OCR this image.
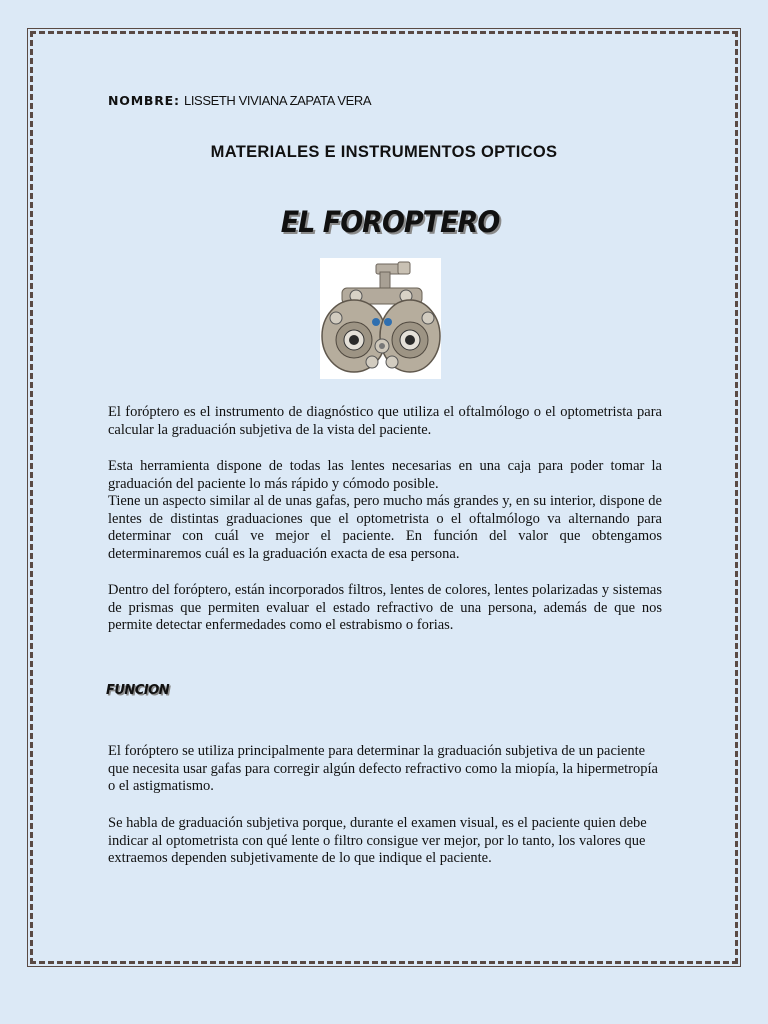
NOMBRE: LISSETH VIVIANA ZAPATA VERA
MATERIALES E INSTRUMENTOS OPTICOS
EL FOROPTERO
El foróptero es el instrumento de diagnóstico que utiliza el oftalmólogo o el optometrista para calcular la graduación subjetiva de la vista del paciente.
Esta herramienta dispone de todas las lentes necesarias en una caja para poder tomar la graduación del paciente lo más rápido y cómodo posible.
Tiene un aspecto similar al de unas gafas, pero mucho más grandes y, en su interior, dispone de lentes de distintas graduaciones que el optometrista o el oftalmólogo va alternando para determinar con cuál ve mejor el paciente. En función del valor que obtengamos determinaremos cuál es la graduación exacta de esa persona.
Dentro del foróptero, están incorporados filtros, lentes de colores, lentes polarizadas y sistemas de prismas que permiten evaluar el estado refractivo de una persona, además de que nos permite detectar enfermedades como el estrabismo o forias.
FUNCION
El foróptero se utiliza principalmente para determinar la graduación subjetiva de un paciente que necesita usar gafas para corregir algún defecto refractivo como la miopía, la hipermetropía o el astigmatismo.
Se habla de graduación subjetiva porque, durante el examen visual, es el paciente quien debe indicar al optometrista con qué lente o filtro consigue ver mejor, por lo tanto, los valores que extraemos dependen subjetivamente de lo que indique el paciente.
